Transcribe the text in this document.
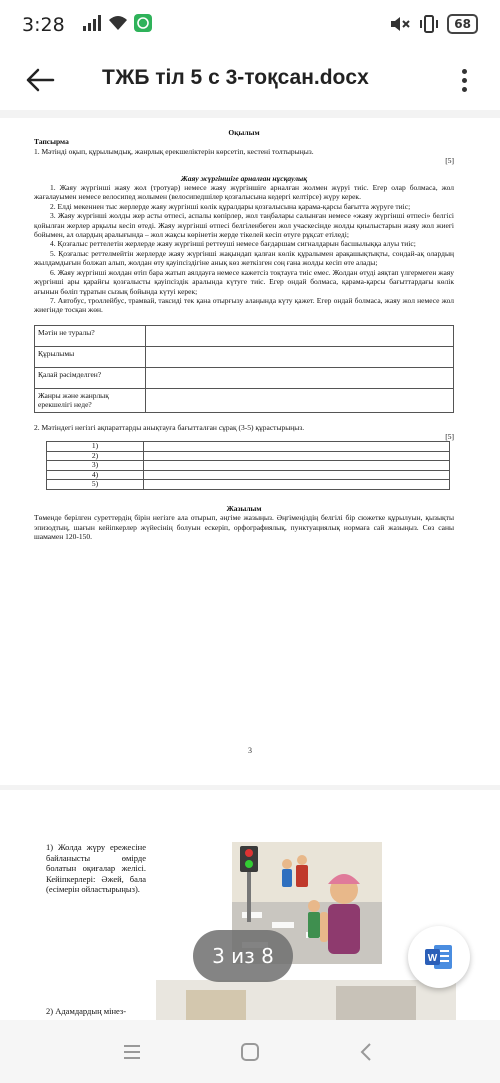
3:28	68
ТЖБ тіл 5 с 3-тоқсан.docx
Оқылым
Тапсырма
1. Мәтінді оқып, құрылымдық, жанрлық ерекшеліктерін көрсетіп, кестені толтырыңыз.
[5]
Жаяу жүргіншіге арналған нұсқаулық

1. Жаяу жүргінші жаяу жол (тротуар) немесе жаяу жүргіншіге арналған жолмен жүруі тиіс. Егер олар болмаса, жол жағалауымен немесе велосипед жолымен (велосипедшілер қозғалысына кедергі келтірсе) жүру керек.

2. Елді мекеннен тыс жерлерде жаяу жүргінші көлік құралдары қозғалысына қарама-қарсы бағытта жүруге тиіс;

3. Жаяу жүргінші жолды жер асты өтпесі, аспалы көпірлер, жол таңбалары салынған немесе «жаяу жүргінші өтпесі» белгісі қойылған жерлер арқылы кесіп өтеді. Жаяу жүргінші өтпесі белгіленбеген жол учаскесінде жолды қиылыстарын жаяу жол жиегі бойымен, ал олардың аралығында – жол жақсы көрінетін жерде тікелей кесіп өтуге рұқсат етіледі;

4. Қозғалыс реттелетін жерлерде жаяу жүргінші реттеуші немесе бағдаршам сигналдарын басшылыққа алуы тиіс;

5. Қозғалыс реттелмейтін жерлерде жаяу жүргінші жақындап қалған көлік құралымен арақашықтықты, сондай-ақ олардың жылдамдығын болжап алып, жолдан өту қауіпсіздігіне анық көз жеткізген соң ғана жолды кесіп өте алады;

6. Жаяу жүргінші жолдан өтіп бара жатып аялдауға немесе кажетсіз тоқтауға тиіс емес. Жолдан өтуді аяқтап үлгермеген жаяу жүргінші ары қарайғы қозғалысты қауіпсіздік аралында күтуге тиіс. Егер ондай болмаса, қарама-қарсы бағыттардағы көлік ағынын бөліп тұратын сызық бойында күтуі керек;

7. Автобус, троллейбус, трамвай, таксиді тек қана отырғызу алаңында күту қажет. Егер ондай болмаса, жаяу жол немесе жол жиегінде тосқан жөн.

Мәтін не туралы?	
Құрылымы	
Қалай рәсімделген?	
Жанры және жанрлық ерекшелігі неде?	
2. Мәтіндегі негізгі ақпараттарды анықтауға бағытталған сұрақ (3-5) құрастырыңыз.
[5]
1)	
2)	
3)	
4)	
5)	
Жазылым

Төменде берілген суреттердің бірін негізге ала отырып, әңгіме жазыңыз. Әңгімеңіздің белгілі бір сюжетке құрылуын, қызықты эпизодтың, шағын кейіпкерлер жүйесінің болуын ескеріп, орфографиялық, пунктуациялық нормаға сай жазыңыз. Сөз саны шамамен 120-150.

3
1) Жолда жүру ережесіне байланысты өмірде болатын оқиғалар желісі. Кейіпкерлері: Әжей, бала (есімерін ойластырыңыз).
2) Адамдардың мінез-
3 из 8	W
